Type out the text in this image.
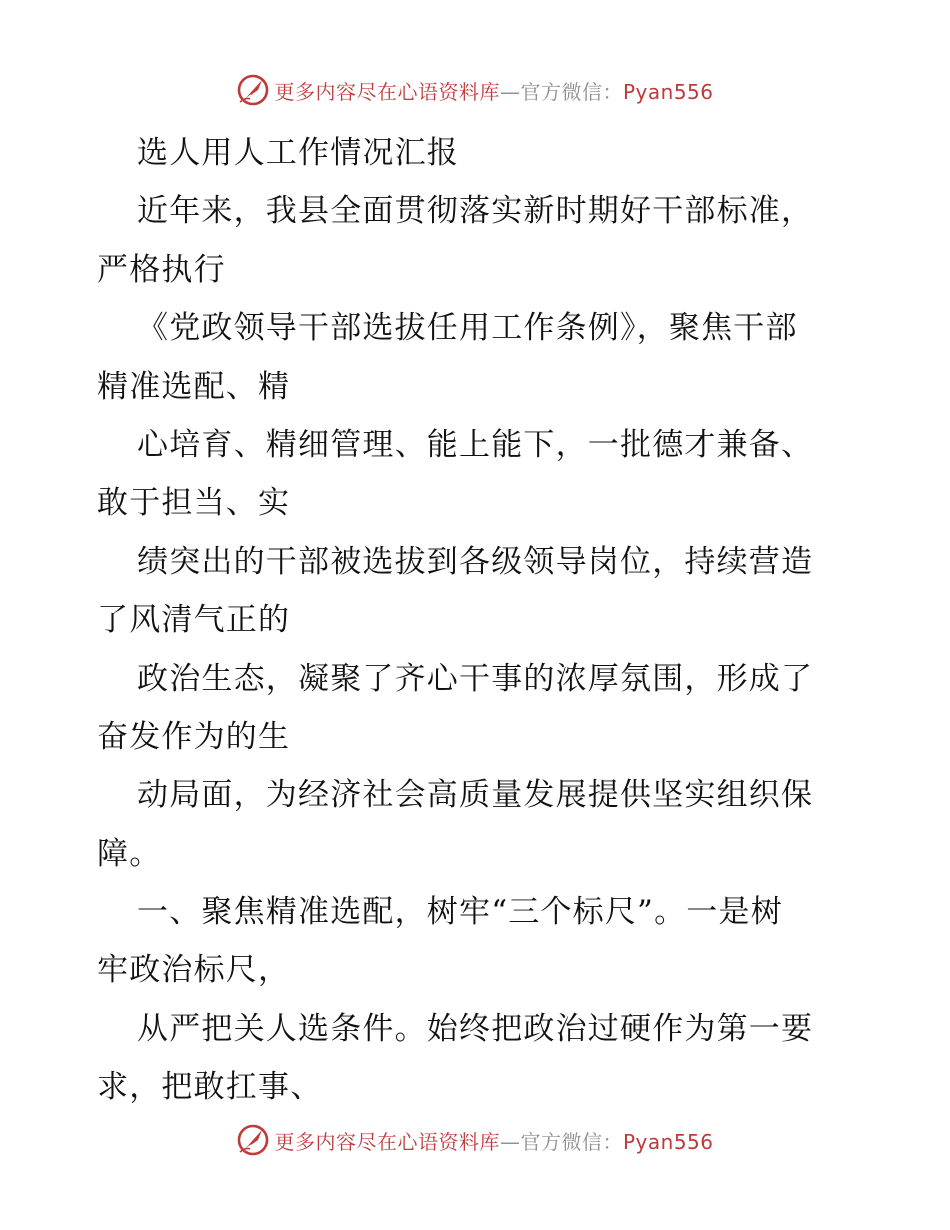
更多内容尽在心语资料库—官方微信：Pyan556
选人用人工作情况汇报
近年来，我县全面贯彻落实新时期好干部标准，
严格执行
《党政领导干部选拔任用工作条例》，聚焦干部
精准选配、精
心培育、精细管理、能上能下，一批德才兼备、
敢于担当、实
绩突出的干部被选拔到各级领导岗位，持续营造
了风清气正的
政治生态，凝聚了齐心干事的浓厚氛围，形成了
奋发作为的生
动局面，为经济社会高质量发展提供坚实组织保
障。
一、聚焦精准选配，树牢“三个标尺”。一是树
牢政治标尺，
从严把关人选条件。始终把政治过硬作为第一要
求，把敢扛事、
更多内容尽在心语资料库—官方微信：Pyan556
